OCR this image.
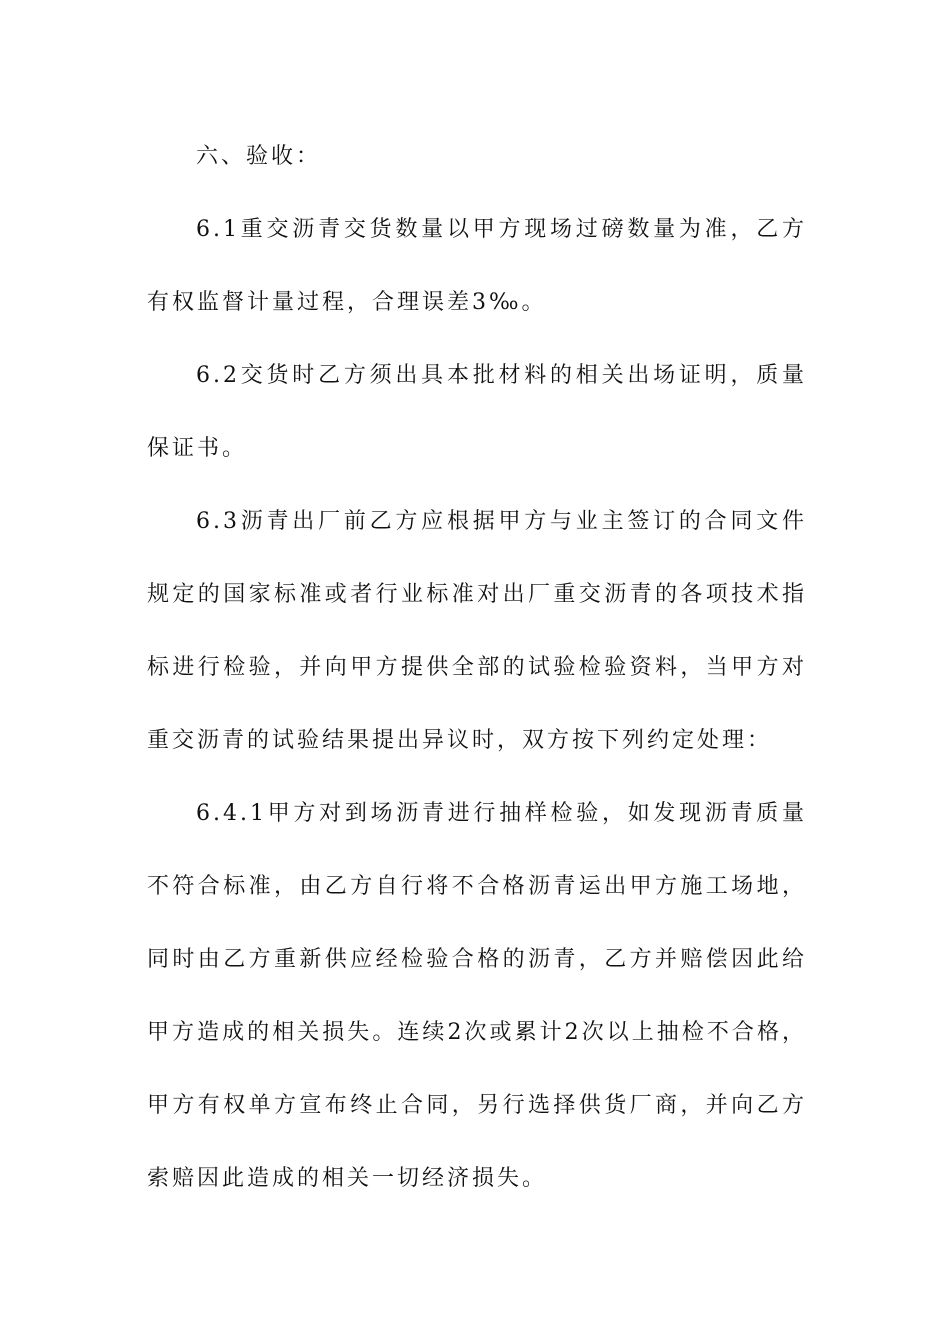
六、验收：

6.1重交沥青交货数量以甲方现场过磅数量为准，乙方有权监督计量过程，合理误差3‰。

6.2交货时乙方须出具本批材料的相关出场证明，质量保证书。

6.3沥青出厂前乙方应根据甲方与业主签订的合同文件规定的国家标准或者行业标准对出厂重交沥青的各项技术指标进行检验，并向甲方提供全部的试验检验资料，当甲方对重交沥青的试验结果提出异议时，双方按下列约定处理：

6.4.1甲方对到场沥青进行抽样检验，如发现沥青质量不符合标准，由乙方自行将不合格沥青运出甲方施工场地，同时由乙方重新供应经检验合格的沥青，乙方并赔偿因此给甲方造成的相关损失。连续2次或累计2次以上抽检不合格，甲方有权单方宣布终止合同，另行选择供货厂商，并向乙方索赔因此造成的相关一切经济损失。
